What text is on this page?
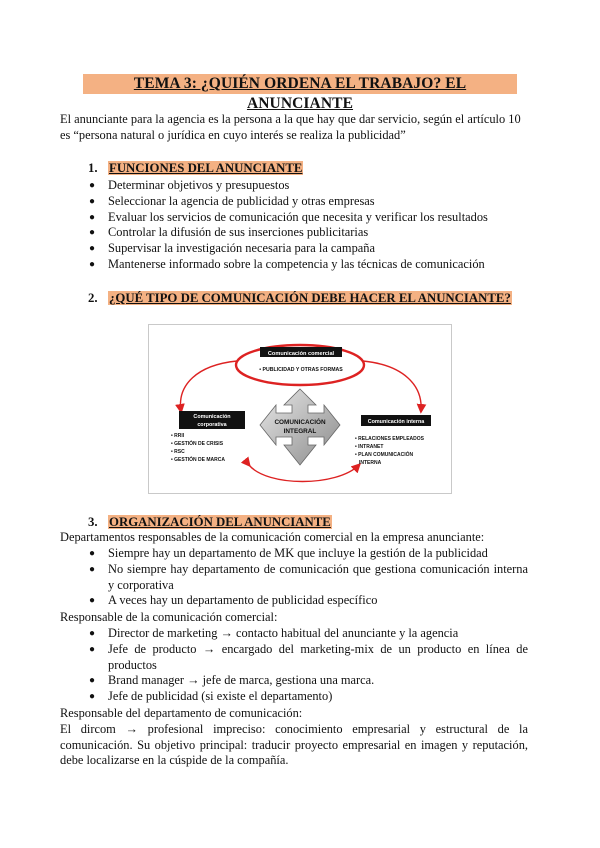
TEMA 3: ¿QUIÉN ORDENA EL TRABAJO? EL ANUNCIANTE
El anunciante para la agencia es la persona a la que hay que dar servicio, según el artículo 10
es “persona natural o jurídica en cuyo interés se realiza la publicidad”
1. FUNCIONES DEL ANUNCIANTE
● Determinar objetivos y presupuestos
● Seleccionar la agencia de publicidad y otras empresas
● Evaluar los servicios de comunicación que necesita y verificar los resultados
● Controlar la difusión de sus inserciones publicitarias
● Supervisar la investigación necesaria para la campaña
● Mantenerse informado sobre la competencia y las técnicas de comunicación
2. ¿QUÉ TIPO DE COMUNICACIÓN DEBE HACER EL ANUNCIANTE?
Comunicación comercial
• PUBLICIDAD Y OTRAS FORMAS
COMUNICACIÓN
INTEGRAL
Comunicación
corporativa
• RRII
• GESTIÓN DE CRISIS
• RSC
• GESTIÓN DE MARCA
Comunicación interna
• RELACIONES EMPLEADOS
• INTRANET
• PLAN COMUNICACIÓN
INTERNA
3. ORGANIZACIÓN DEL ANUNCIANTE
Departamentos responsables de la comunicación comercial en la empresa anunciante:
● Siempre hay un departamento de MK que incluye la gestión de la publicidad
● No siempre hay departamento de comunicación que gestiona comunicación interna y corporativa
● A veces hay un departamento de publicidad específico
Responsable de la comunicación comercial:
● Director de marketing → contacto habitual del anunciante y la agencia
● Jefe de producto → encargado del marketing-mix de un producto en línea de productos
● Brand manager → jefe de marca, gestiona una marca.
● Jefe de publicidad (si existe el departamento)
Responsable del departamento de comunicación:
El dircom → profesional impreciso: conocimiento empresarial y estructural de la comunicación. Su objetivo principal: traducir proyecto empresarial en imagen y reputación, debe localizarse en la cúspide de la compañía.
